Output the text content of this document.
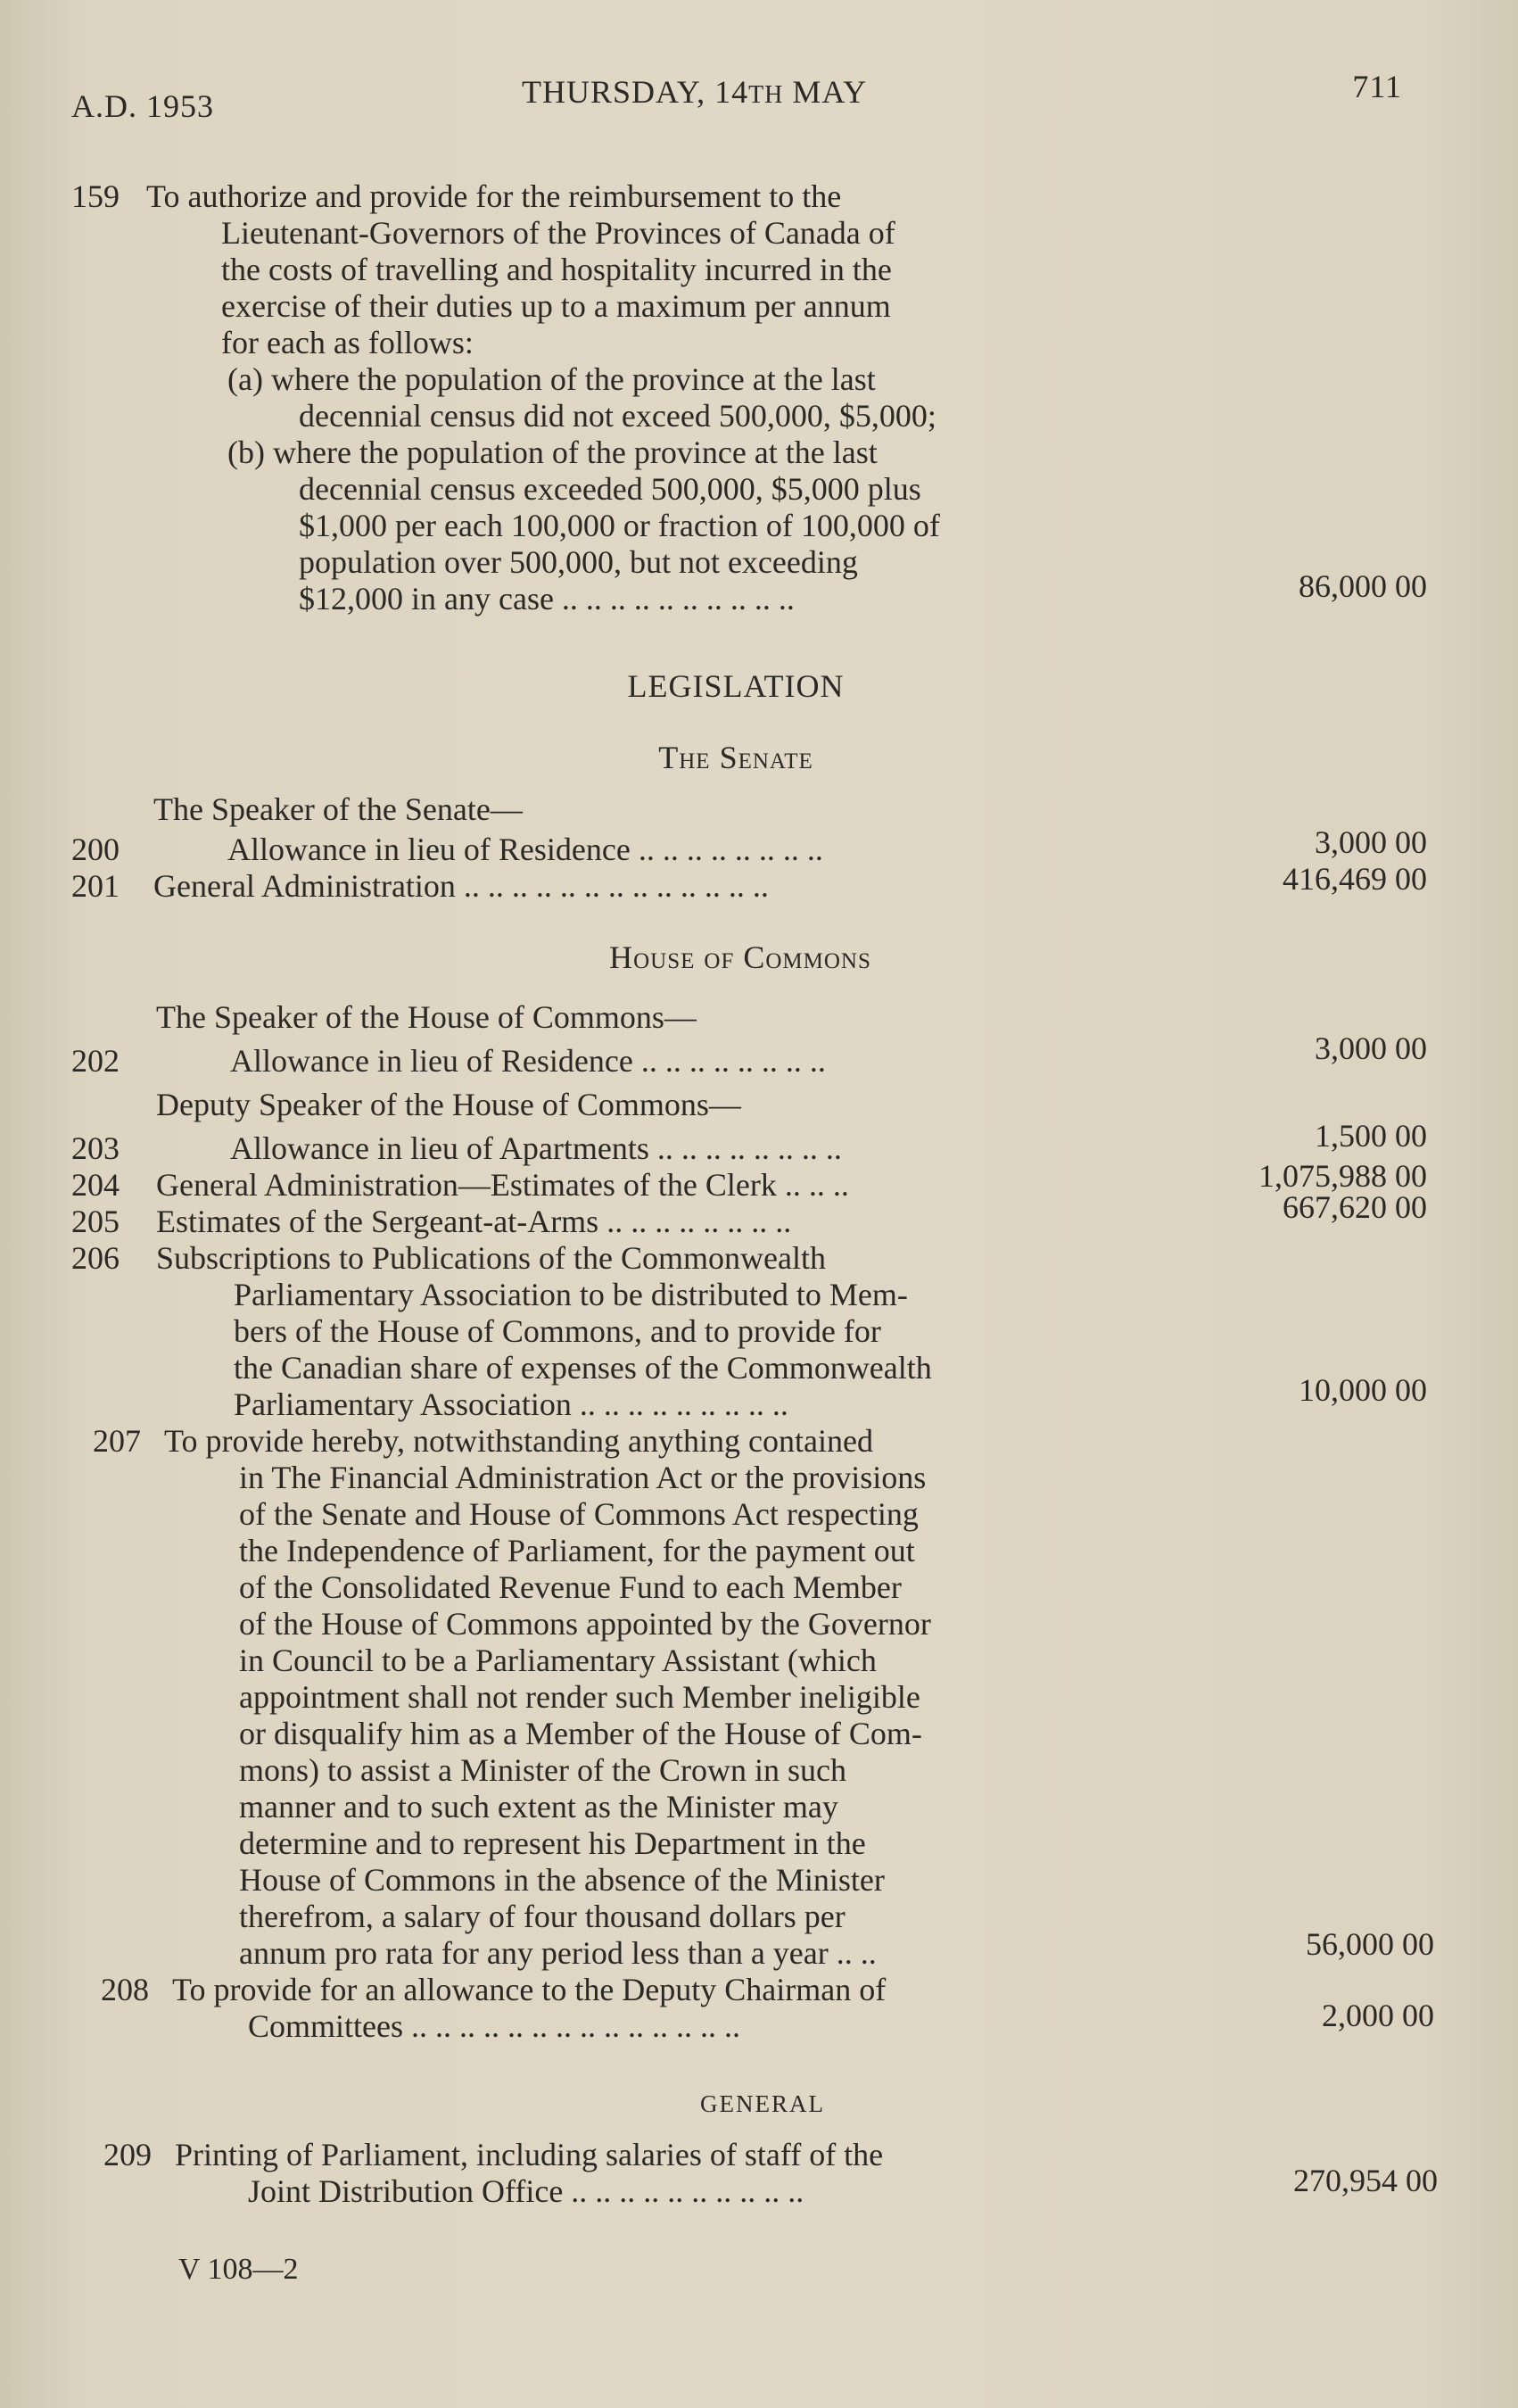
A.D. 1953	THURSDAY, 14TH MAY	711
159 To authorize and provide for the reimbursement to the
Lieutenant-Governors of the Provinces of Canada of
the costs of travelling and hospitality incurred in the
exercise of their duties up to a maximum per annum
for each as follows:
(a) where the population of the province at the last
decennial census did not exceed 500,000, $5,000;
(b) where the population of the province at the last
decennial census exceeded 500,000, $5,000 plus
$1,000 per each 100,000 or fraction of 100,000 of
population over 500,000, but not exceeding
$12,000 in any case .. .. .. .. .. .. .. .. .. ..	86,000 00
LEGISLATION
The Senate
The Speaker of the Senate—
200	Allowance in lieu of Residence .. .. .. .. .. .. .. ..	3,000 00
201 General Administration .. .. .. .. .. .. .. .. .. .. .. .. ..	416,469 00
House of Commons
The Speaker of the House of Commons—
202	Allowance in lieu of Residence .. .. .. .. .. .. .. ..	3,000 00
Deputy Speaker of the House of Commons—
203	Allowance in lieu of Apartments .. .. .. .. .. .. .. ..	1,500 00
204 General Administration—Estimates of the Clerk .. .. ..	1,075,988 00
205 Estimates of the Sergeant-at-Arms .. .. .. .. .. .. .. ..	667,620 00
206 Subscriptions to Publications of the Commonwealth
Parliamentary Association to be distributed to Mem-
bers of the House of Commons, and to provide for
the Canadian share of expenses of the Commonwealth
Parliamentary Association .. .. .. .. .. .. .. .. ..	10,000 00
207 To provide hereby, notwithstanding anything contained
in The Financial Administration Act or the provisions
of the Senate and House of Commons Act respecting
the Independence of Parliament, for the payment out
of the Consolidated Revenue Fund to each Member
of the House of Commons appointed by the Governor
in Council to be a Parliamentary Assistant (which
appointment shall not render such Member ineligible
or disqualify him as a Member of the House of Com-
mons) to assist a Minister of the Crown in such
manner and to such extent as the Minister may
determine and to represent his Department in the
House of Commons in the absence of the Minister
therefrom, a salary of four thousand dollars per
annum pro rata for any period less than a year .. ..	56,000 00
208 To provide for an allowance to the Deputy Chairman of
Committees .. .. .. .. .. .. .. .. .. .. .. .. .. ..	2,000 00
GENERAL
209 Printing of Parliament, including salaries of staff of the
Joint Distribution Office .. .. .. .. .. .. .. .. .. ..	270,954 00
V 108—2
